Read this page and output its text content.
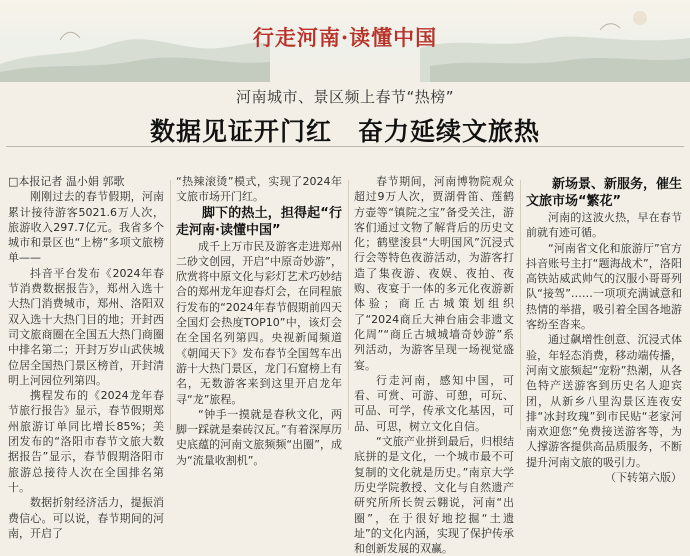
行走河南·读懂中国
河南城市、景区频上春节“热榜”
数据见证开门红　奋力延续文旅热

□本报记者 温小娟 郭歌

刚刚过去的春节假期，河南累计接待游客5021.6万人次，旅游收入297.7亿元。我省多个城市和景区也“上榜”多项文旅榜单——

抖音平台发布《2024年春节消费数据报告》，郑州入选十大热门消费城市，郑州、洛阳双双入选十大热门目的地；开封西司文旅商圈在全国五大热门商圈中排名第二；开封万岁山武侠城位居全国热门景区榜首，开封清明上河园位列第四。

携程发布的《2024龙年春节旅行报告》显示，春节假期郑州旅游订单同比增长85%；美团发布的“洛阳市春节文旅大数据报告”显示，春节假期洛阳市旅游总接待人次在全国排名第十。

数据折射经济活力，提振消费信心。可以说，春节期间的河南，开启了

“热辣滚烫”模式，实现了2024年文旅市场开门红。

脚下的热土，担得起“行走河南·读懂中国”

成千上万市民及游客走进郑州二砂文创园，开启“中原奇妙游”，欣赏将中原文化与彩灯艺术巧妙结合的郑州龙年迎春灯会，在同程旅行发布的“2024年春节假期前四天全国灯会热度TOP10”中，该灯会在全国名列第四。央视新闻频道《朝闻天下》发布春节全国驾车出游十大热门景区，龙门石窟榜上有名，无数游客来到这里开启龙年寻“龙”旅程。

“钟手一摸就是春秋文化，两脚一踩就是秦砖汉瓦。”有着深厚历史底蕴的河南文旅频频“出圈”，成为“流量收割机”。

春节期间，河南博物院观众超过9万人次，贾湖骨笛、莲鹤方壶等“镇院之宝”备受关注，游客们通过文物了解背后的历史文化；鹤壁浚县“大明国风”沉浸式行会等特色夜游活动，为游客打造了集夜游、夜娱、夜拍、夜购、夜宴于一体的多元化夜游新体验；商丘古城策划组织了“2024商丘大神台庙会非遗文化周”“商丘古城城墙奇妙游”系列活动，为游客呈现一场视觉盛宴。

行走河南，感知中国，可看、可赏、可游、可憩，可玩、可品、可学，传承文化基因，可品、可思，树立文化自信。

“文旅产业拼到最后，归根结底拼的是文化，一个城市最不可复制的文化就是历史。”南京大学历史学院教授、文化与自然遗产研究所所长贺云翱说，河南“出圈”，在于很好地挖掘“土遗址”的文化内涵，实现了保护传承和创新发展的双赢。

新场景、新服务，催生文旅市场“繁花”

河南的这波火热，早在春节前就有迹可循。

“河南省文化和旅游厅”官方抖音账号主打“题海战术”，洛阳高铁站威武帅气的汉服小哥哥列队“接驾”……一项项充满诚意和热情的举措，吸引着全国各地游客纷至沓来。

通过飙增性创意、沉浸式体验，年轻态消费，移动端传播，河南文旅频起“宠粉”热潮，从各色特产送游客到历史名人迎宾团，从新乡八里沟景区连夜安排“冰封玫瑰”到市民贴“老家河南欢迎您”免费接送游客等，为人撑游客提供高品质服务，不断提升河南文旅的吸引力。

（下转第六版）
